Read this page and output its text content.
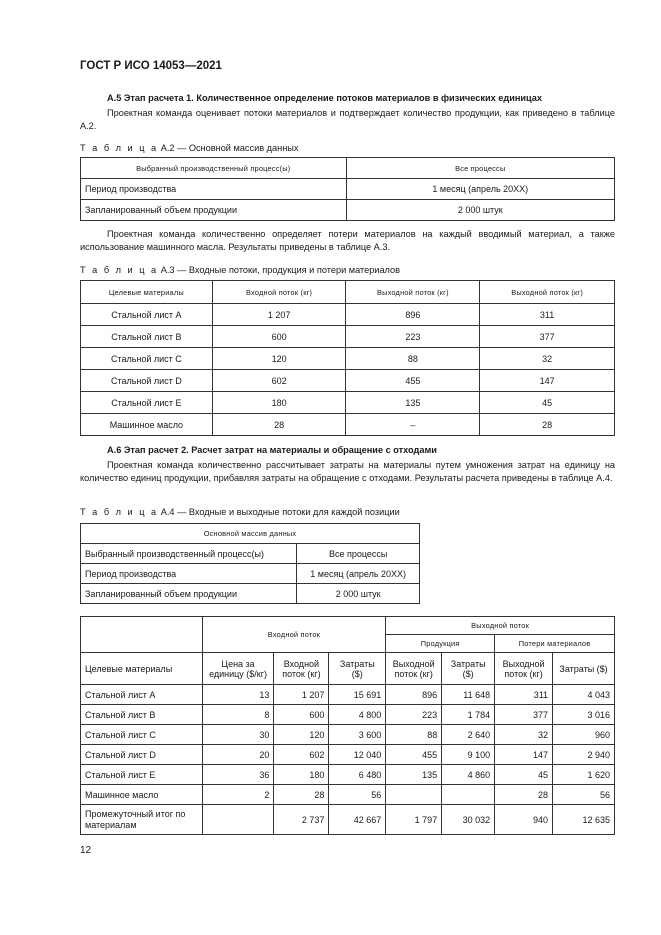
ГОСТ Р ИСО 14053—2021
А.5 Этап расчета 1. Количественное определение потоков материалов в физических единицах
Проектная команда оценивает потоки материалов и подтверждает количество продукции, как приведено в таблице А.2.
Т а б л и ц а А.2 — Основной массив данных
Выбранный производственный процесс(ы)	Все процессы
Период производства	1 месяц (апрель 20XX)
Запланированный объем продукции	2 000 штук
Проектная команда количественно определяет потери материалов на каждый вводимый материал, а также использование машинного масла. Результаты приведены в таблице А.3.
Т а б л и ц а А.3 — Входные потоки, продукция и потери материалов
Целевые материалы	Входной поток (кг)	Выходной поток (кг)	Выходной поток (кг)
Стальной лист A	1 207	896	311
Стальной лист B	600	223	377
Стальной лист C	120	88	32
Стальной лист D	602	455	147
Стальной лист E	180	135	45
Машинное масло	28	–	28
А.6 Этап расчет 2. Расчет затрат на материалы и обращение с отходами
Проектная команда количественно рассчитывает затраты на материалы путем умножения затрат на единицу на количество единиц продукции, прибавляя затраты на обращение с отходами. Результаты расчета приведены в таблице А.4.
Т а б л и ц а А.4 — Входные и выходные потоки для каждой позиции
Основной массив данных	
Выбранный производственный процесс(ы)	Все процессы
Период производства	1 месяц (апрель 20XX)
Запланированный объем продукции	2 000 штук
	Входной поток			Выходной поток			
				Продукция		Потери материалов	
Целевые материалы	Цена за единицу ($/кг)	Входной поток (кг)	Затраты ($)	Выходной поток (кг)	Затраты ($)	Выходной поток (кг)	Затраты ($)
Стальной лист A	13	1 207	15 691	896	11 648	311	4 043
Стальной лист B	8	600	4 800	223	1 784	377	3 016
Стальной лист C	30	120	3 600	88	2 640	32	960
Стальной лист D	20	602	12 040	455	9 100	147	2 940
Стальной лист E	36	180	6 480	135	4 860	45	1 620
Машинное масло	2	28	56			28	56
Промежуточный итог по материалам		2 737	42 667	1 797	30 032	940	12 635
12
